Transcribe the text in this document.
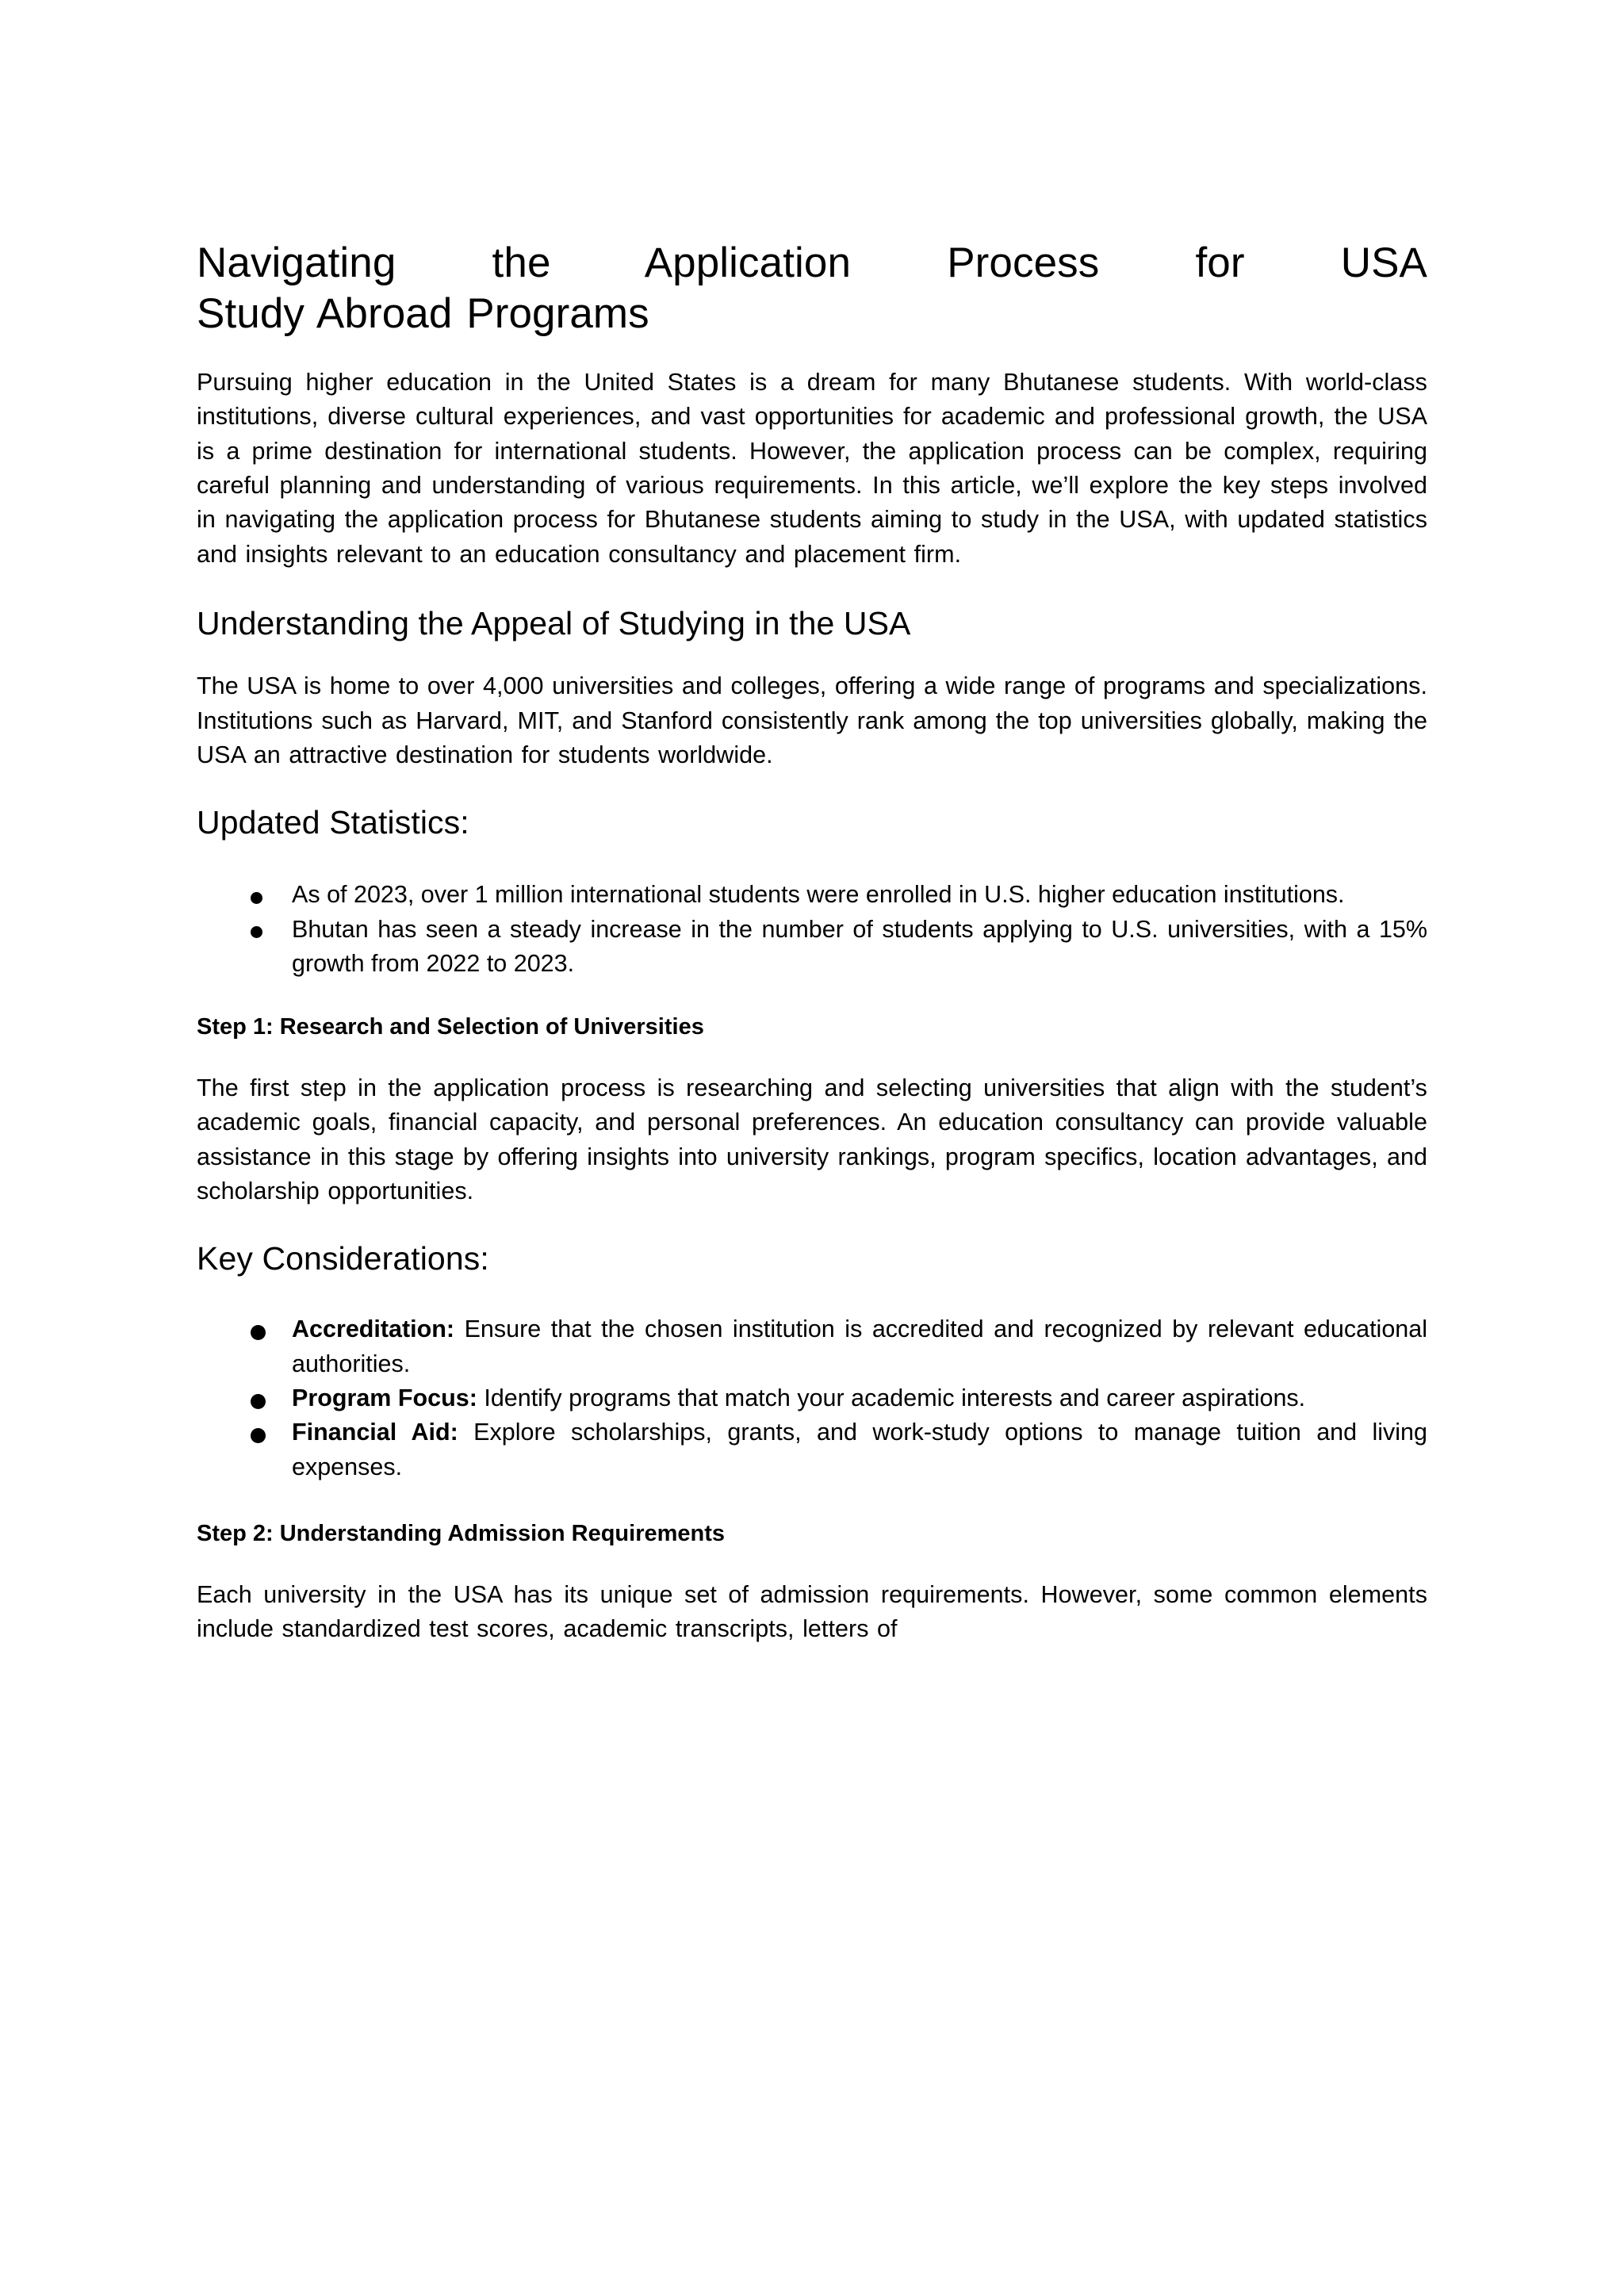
Navigating the Application Process for USA
Study Abroad Programs

Pursuing higher education in the United States is a dream for many Bhutanese students. With world-class institutions, diverse cultural experiences, and vast opportunities for academic and professional growth, the USA is a prime destination for international students. However, the application process can be complex, requiring careful planning and understanding of various requirements. In this article, we’ll explore the key steps involved in navigating the application process for Bhutanese students aiming to study in the USA, with updated statistics and insights relevant to an education consultancy and placement firm.

Understanding the Appeal of Studying in the USA

The USA is home to over 4,000 universities and colleges, offering a wide range of programs and specializations. Institutions such as Harvard, MIT, and Stanford consistently rank among the top universities globally, making the USA an attractive destination for students worldwide.

Updated Statistics:
As of 2023, over 1 million international students were enrolled in U.S. higher education institutions.
Bhutan has seen a steady increase in the number of students applying to U.S. universities, with a 15% growth from 2022 to 2023.
Step 1: Research and Selection of Universities

The first step in the application process is researching and selecting universities that align with the student’s academic goals, financial capacity, and personal preferences. An education consultancy can provide valuable assistance in this stage by offering insights into university rankings, program specifics, location advantages, and scholarship opportunities.

Key Considerations:
Accreditation: Ensure that the chosen institution is accredited and recognized by relevant educational authorities.
Program Focus: Identify programs that match your academic interests and career aspirations.
Financial Aid: Explore scholarships, grants, and work-study options to manage tuition and living expenses.
Step 2: Understanding Admission Requirements

Each university in the USA has its unique set of admission requirements. However, some common elements include standardized test scores, academic transcripts, letters of
